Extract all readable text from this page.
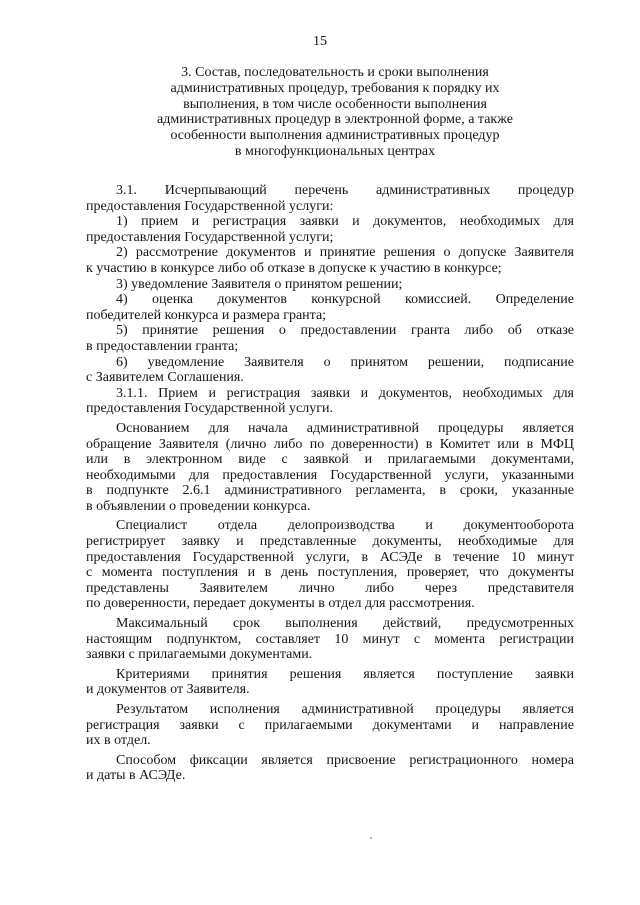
15
3. Состав, последовательность и сроки выполнения
административных процедур, требования к порядку их
выполнения, в том числе особенности выполнения
административных процедур в электронной форме, а также
особенности выполнения административных процедур
в многофункциональных центрах
3.1. Исчерпывающий перечень административных процедур
предоставления Государственной услуги:
1) прием и регистрация заявки и документов, необходимых для
предоставления Государственной услуги;
2) рассмотрение документов и принятие решения о допуске Заявителя
к участию в конкурсе либо об отказе в допуске к участию в конкурсе;
3) уведомление Заявителя о принятом решении;
4) оценка документов конкурсной комиссией. Определение
победителей конкурса и размера гранта;
5) принятие решения о предоставлении гранта либо об отказе
в предоставлении гранта;
6) уведомление Заявителя о принятом решении, подписание
с Заявителем Соглашения.
3.1.1. Прием и регистрация заявки и документов, необходимых для
предоставления Государственной услуги.
Основанием для начала административной процедуры является
обращение Заявителя (лично либо по доверенности) в Комитет или в МФЦ
или в электронном виде с заявкой и прилагаемыми документами,
необходимыми для предоставления Государственной услуги, указанными
в подпункте 2.6.1 административного регламента, в сроки, указанные
в объявлении о проведении конкурса.
Специалист отдела делопроизводства и документооборота
регистрирует заявку и представленные документы, необходимые для
предоставления Государственной услуги, в АСЭДе в течение 10 минут
с момента поступления и в день поступления, проверяет, что документы
представлены Заявителем лично либо через представителя
по доверенности, передает документы в отдел для рассмотрения.
Максимальный срок выполнения действий, предусмотренных
настоящим подпунктом, составляет 10 минут с момента регистрации
заявки с прилагаемыми документами.
Критериями принятия решения является поступление заявки
и документов от Заявителя.
Результатом исполнения административной процедуры является
регистрация заявки с прилагаемыми документами и направление
их в отдел.
Способом фиксации является присвоение регистрационного номера
и даты в АСЭДе.
